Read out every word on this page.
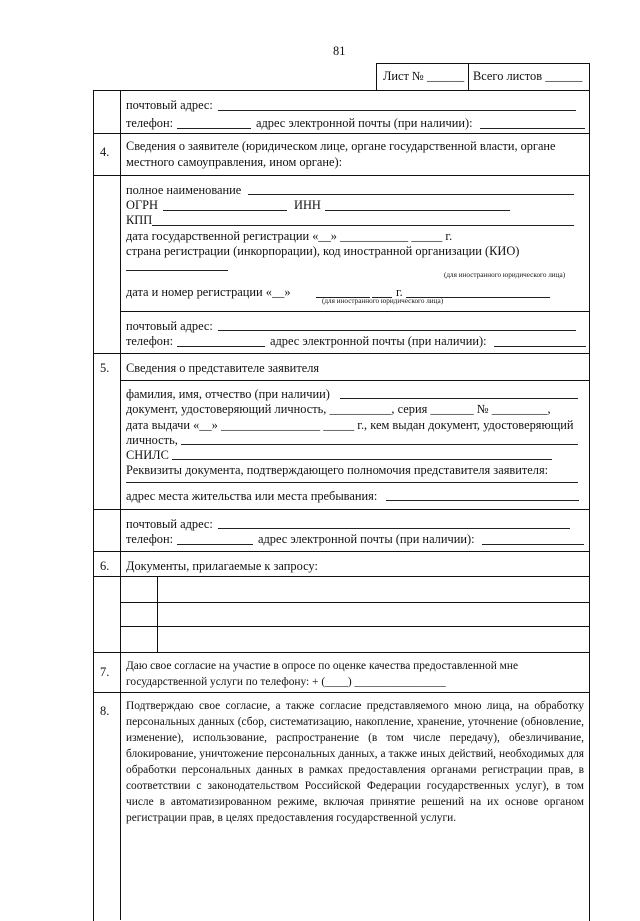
81
Лист № ______ Всего листов ______
почтовый адрес:
телефон:	адрес электронной почты (при наличии):
4. Сведения о заявителе (юридическом лице, органе государственной власти, органе
местного самоуправления, ином органе):
полное наименование
ОГРН	ИНН
КПП
дата государственной регистрации «__» ___________ _____ г.
страна регистрации (инкорпорации), код иностранной организации (КИО)
(для иностранного юридического лица)
дата и номер регистрации «__»	г.
(для иностранного юридического лица)
почтовый адрес:
телефон:	адрес электронной почты (при наличии):
5. Сведения о представителе заявителя
фамилия, имя, отчество (при наличии)
документ, удостоверяющий личность, __________, серия _______ № _________,
дата выдачи «__» ________________ _____ г., кем выдан документ, удостоверяющий
личность,
СНИЛС
Реквизиты документа, подтверждающего полномочия представителя заявителя:
адрес места жительства или места пребывания:
почтовый адрес:
телефон:	адрес электронной почты (при наличии):
6. Документы, прилагаемые к запросу:
7. Даю свое согласие на участие в опросе по оценке качества предоставленной мне
государственной услуги по телефону: + (____) ________________
8. Подтверждаю свое согласие, а также согласие представляемого мною лица, на обработку персональных данных (сбор, систематизацию, накопление, хранение, уточнение (обновление, изменение), использование, распространение (в том числе передачу), обезличивание, блокирование, уничтожение персональных данных, а также иных действий, необходимых для обработки персональных данных в рамках предоставления органами регистрации прав, в соответствии с законодательством Российской Федерации государственных услуг), в том числе в автоматизированном режиме, включая принятие решений на их основе органом регистрации прав, в целях предоставления государственной услуги.
